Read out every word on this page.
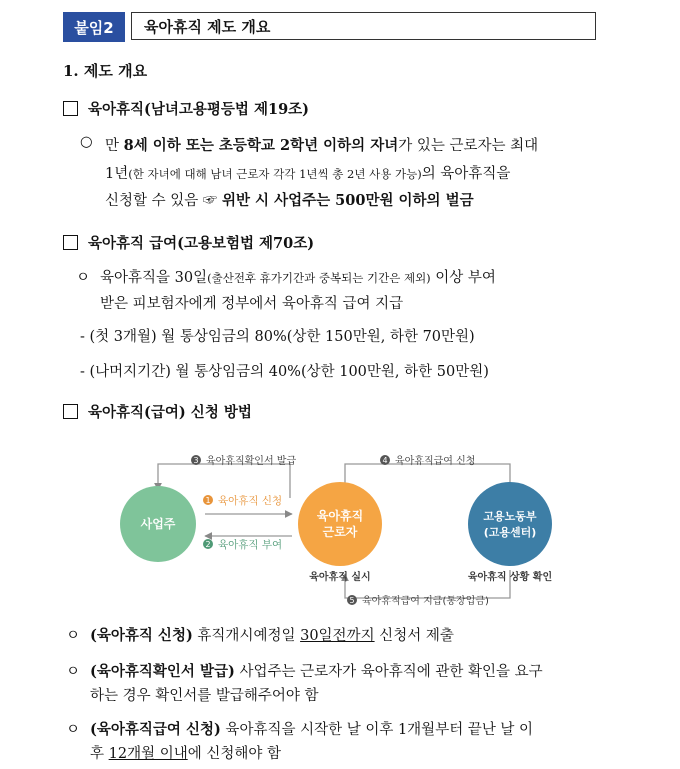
붙임2	육아휴직 제도 개요
1. 제도 개요
육아휴직(남녀고용평등법 제19조)
○ 만 8세 이하 또는 초등학교 2학년 이하의 자녀가 있는 근로자는 최대
1년(한 자녀에 대해 남녀 근로자 각각 1년씩 총 2년 사용 가능)의 육아휴직을
신청할 수 있음 ☞ 위반 시 사업주는 500만원 이하의 벌금
육아휴직 급여(고용보험법 제70조)
ㅇ 육아휴직을 30일(출산전후 휴가기간과 중복되는 기간은 제외) 이상 부여
받은 피보험자에게 정부에서 육아휴직 급여 지급
- (첫 3개월) 월 통상임금의 80%(상한 150만원, 하한 70만원)
- (나머지기간) 월 통상임금의 40%(상한 100만원, 하한 50만원)
육아휴직(급여) 신청 방법
3 육아휴직확인서 발급	4 육아휴직급여 신청
1 육아휴직 신청
2 육아휴직 부여
5 육아휴직급여 지급(통장입금)
사업주
육아휴직
근로자
육아휴직 실시
고용노동부
(고용센터)
육아휴직 상황 확인
ㅇ (육아휴직 신청) 휴직개시예정일 30일전까지 신청서 제출
ㅇ (육아휴직확인서 발급) 사업주는 근로자가 육아휴직에 관한 확인을 요구
하는 경우 확인서를 발급해주어야 함
ㅇ (육아휴직급여 신청) 육아휴직을 시작한 날 이후 1개월부터 끝난 날 이
후 12개월 이내에 신청해야 함
